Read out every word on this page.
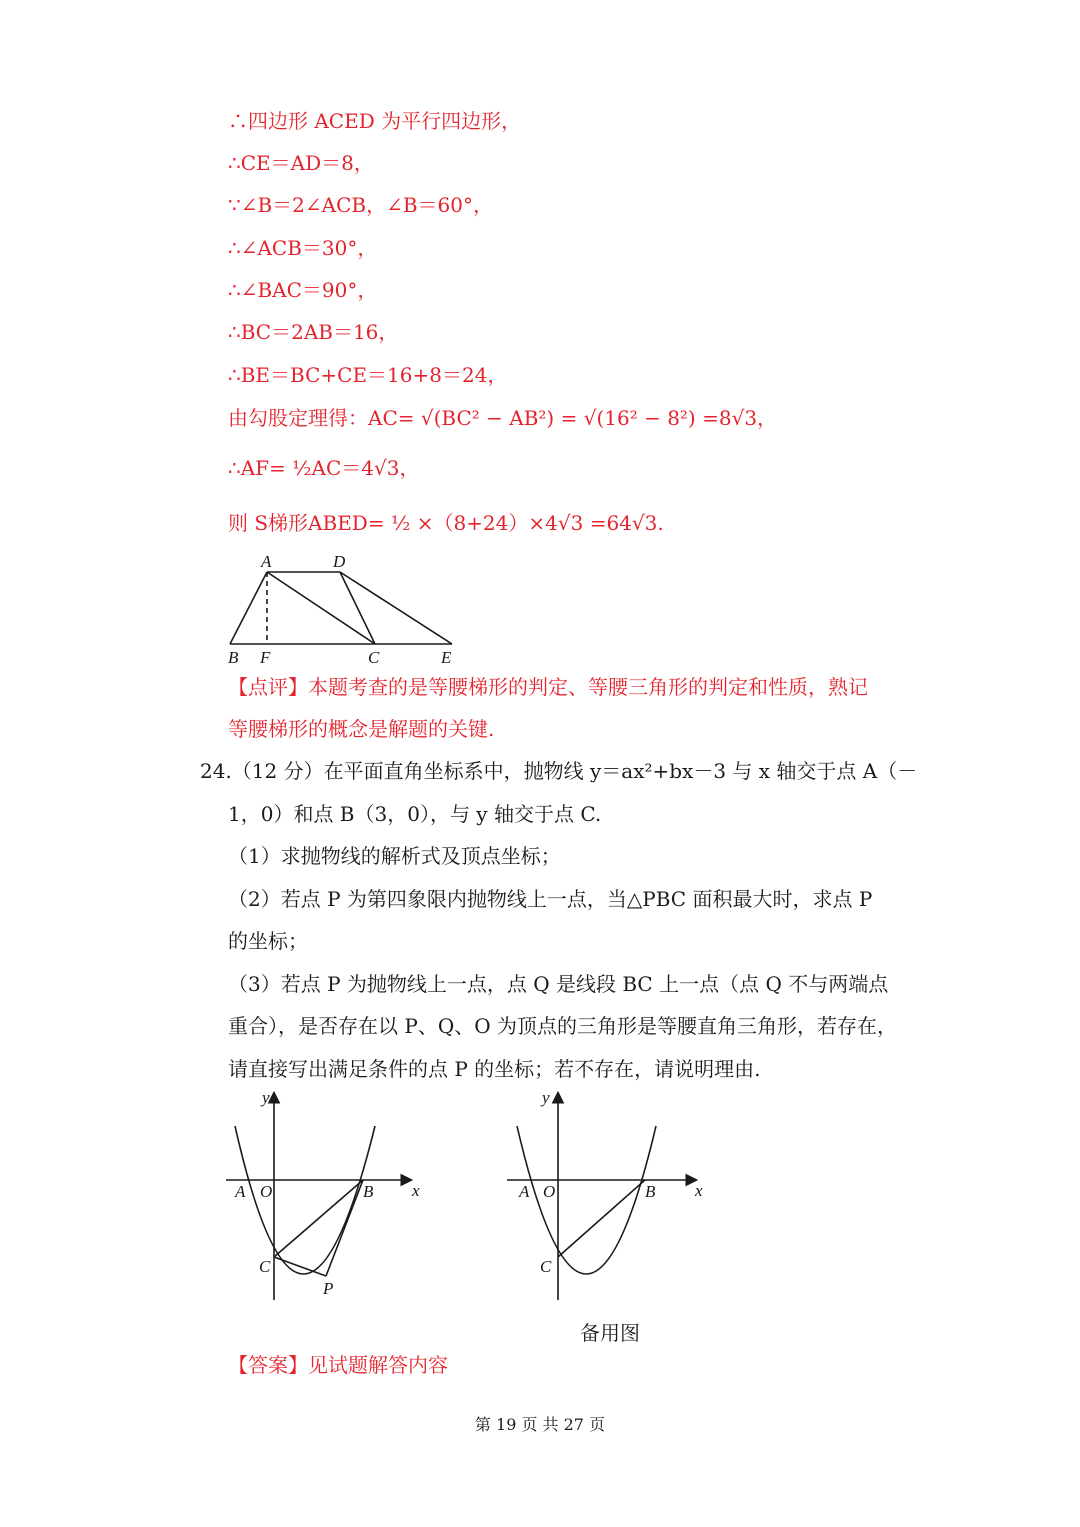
∴四边形 ACED 为平行四边形，
∴CE＝AD＝8，
∵∠B＝2∠ACB，∠B＝60°，
∴∠ACB＝30°，
∴∠BAC＝90°，
∴BC＝2AB＝16，
∴BE＝BC+CE＝16+8＝24，
由勾股定理得：AC= √(BC² − AB²) = √(16² − 8²) =8√3，
∴AF= ½AC＝4√3，
则 S梯形ABED= ½ ×（8+24）×4√3 =64√3.
A	D
B F	C	E
【点评】本题考查的是等腰梯形的判定、等腰三角形的判定和性质，熟记
等腰梯形的概念是解题的关键.
24.（12 分）在平面直角坐标系中，抛物线 y＝ax²+bx－3 与 x 轴交于点 A（－
1，0）和点 B（3，0），与 y 轴交于点 C.
（1）求抛物线的解析式及顶点坐标；
（2）若点 P 为第四象限内抛物线上一点，当△PBC 面积最大时，求点 P
的坐标；
（3）若点 P 为抛物线上一点，点 Q 是线段 BC 上一点（点 Q 不与两端点
重合），是否存在以 P、Q、O 为顶点的三角形是等腰直角三角形，若存在，
请直接写出满足条件的点 P 的坐标；若不存在，请说明理由.
y
x
A O	B
C
P
y
x
A O	B
C
备用图
【答案】见试题解答内容
第 19 页 共 27 页
